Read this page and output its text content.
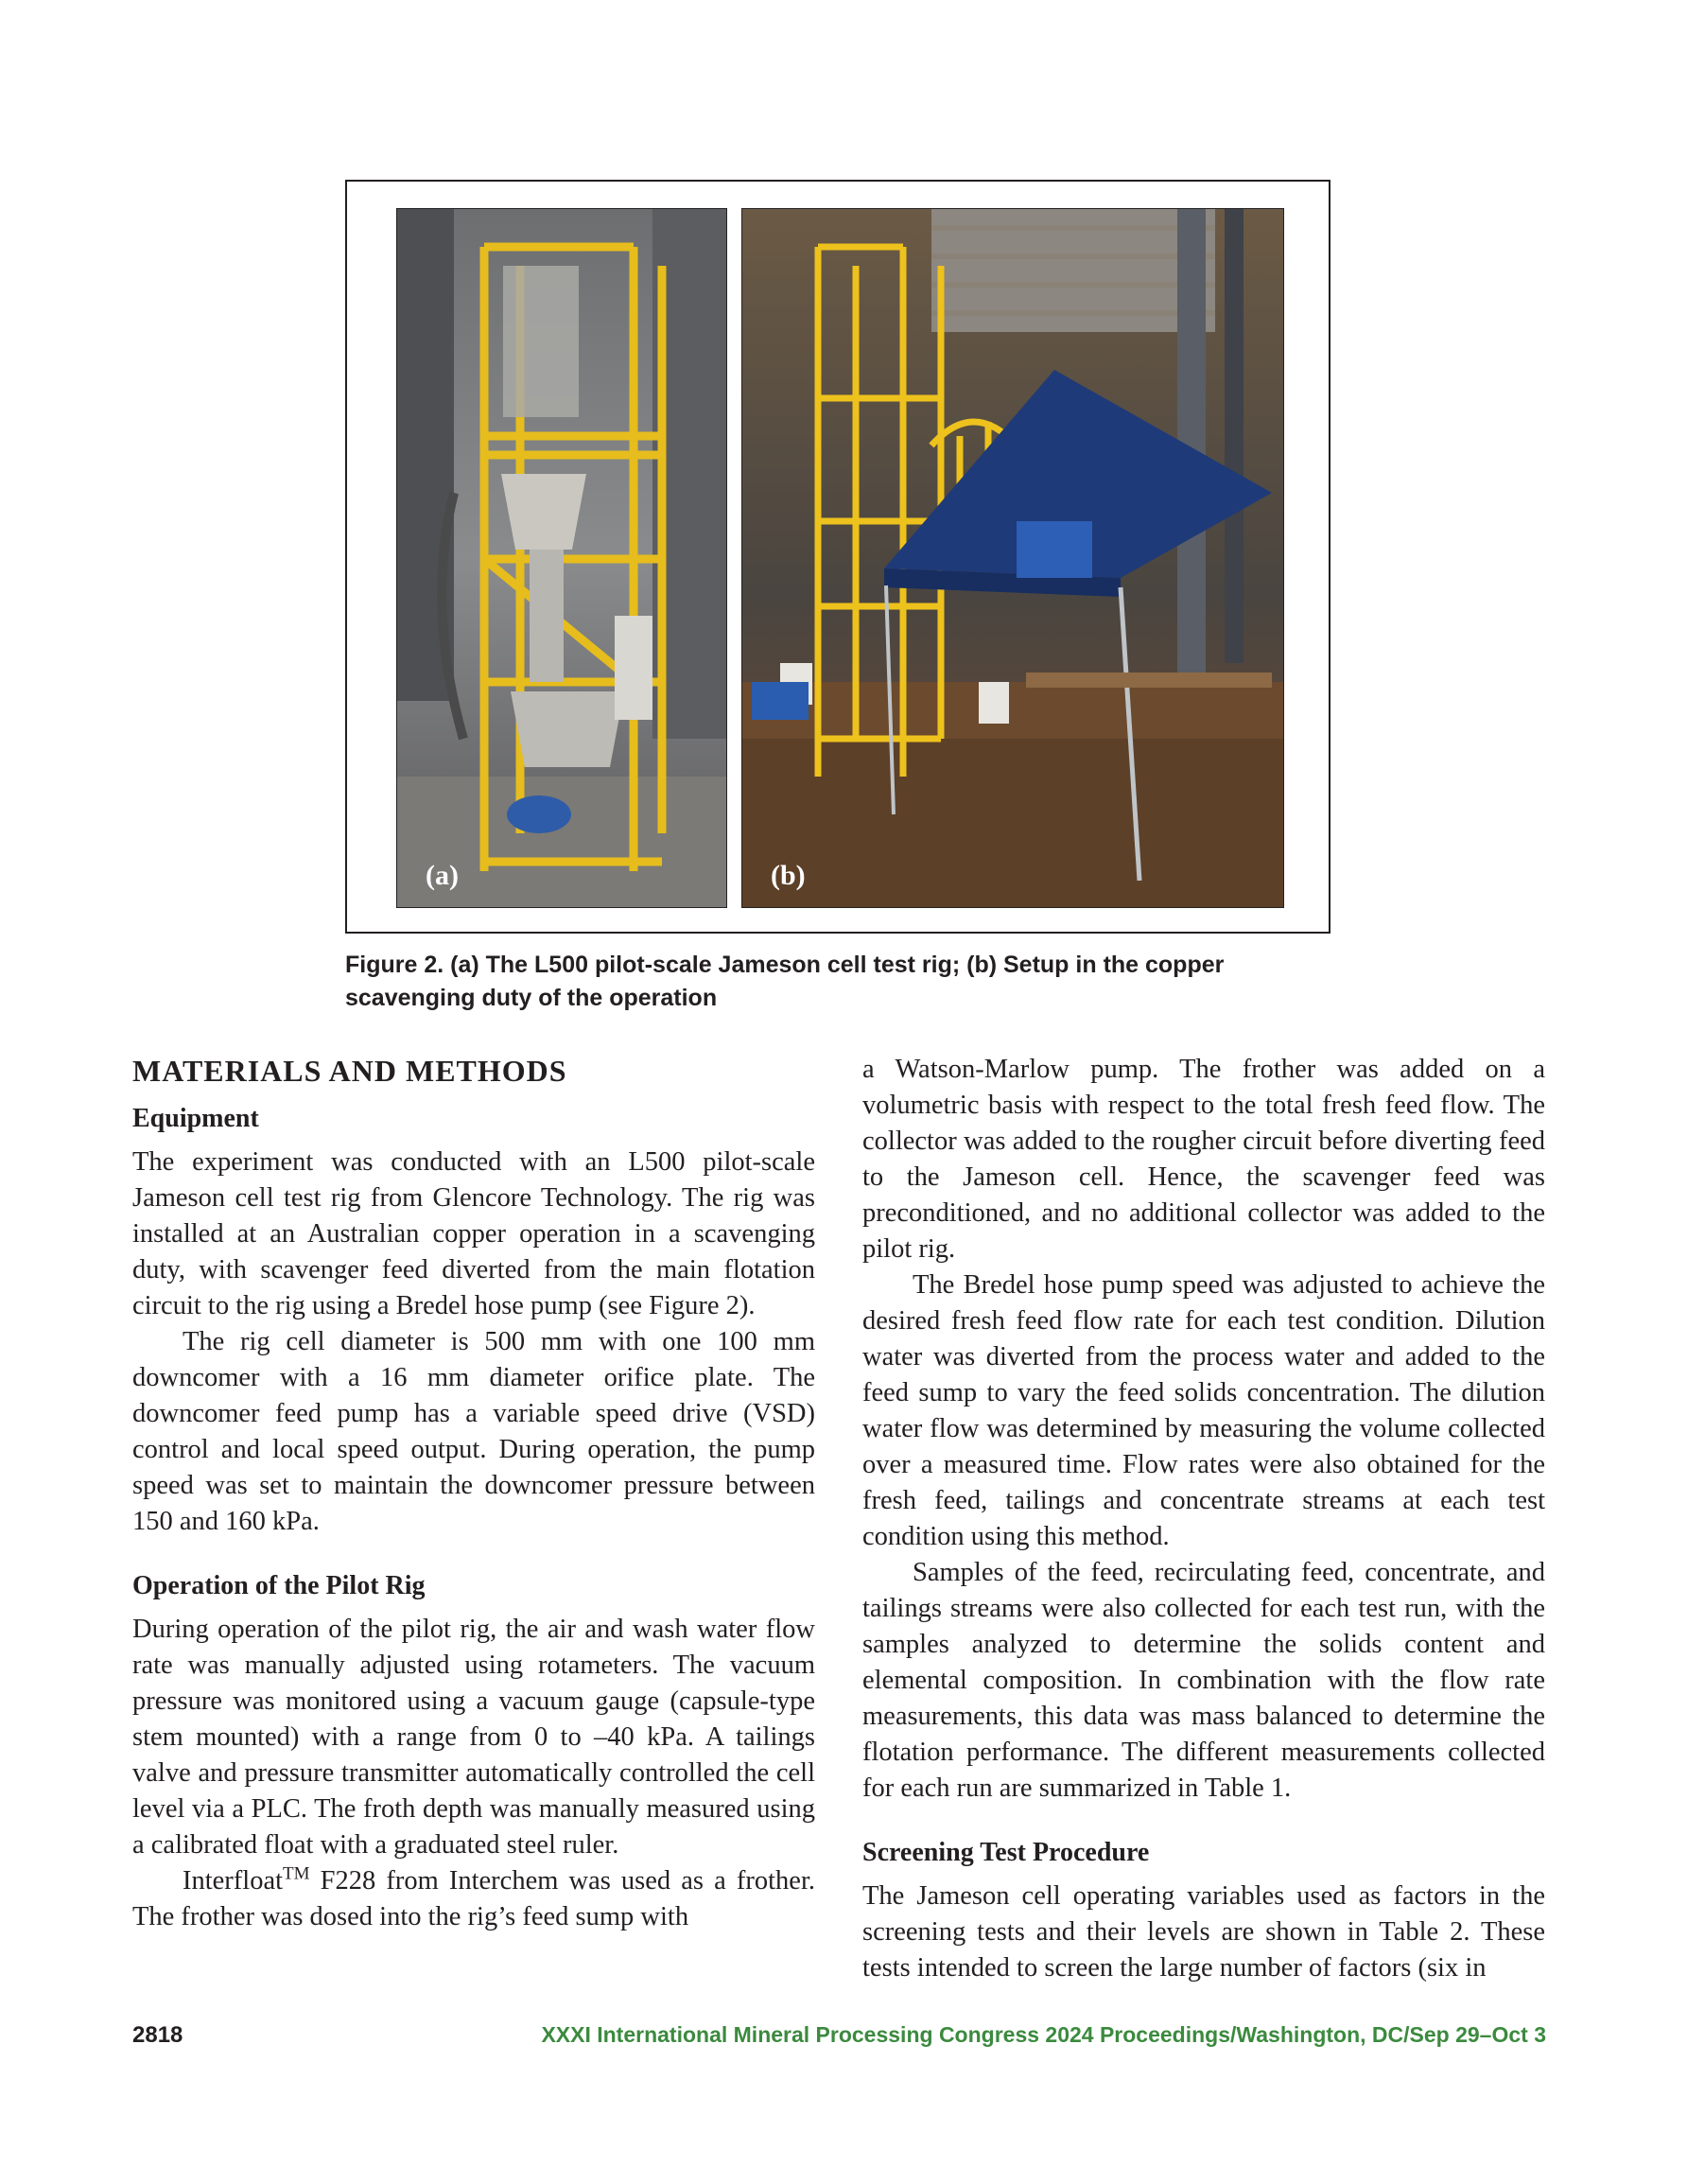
(a)	(b)
Figure 2. (a) The L500 pilot-scale Jameson cell test rig; (b) Setup in the copper
scavenging duty of the operation
MATERIALS AND METHODS
Equipment

The experiment was conducted with an L500 pilot-scale Jameson cell test rig from Glencore Technology. The rig was installed at an Australian copper operation in a scavenging duty, with scavenger feed diverted from the main flotation circuit to the rig using a Bredel hose pump (see Figure 2).

The rig cell diameter is 500 mm with one 100 mm downcomer with a 16 mm diameter orifice plate. The downcomer feed pump has a variable speed drive (VSD) control and local speed output. During operation, the pump speed was set to maintain the downcomer pressure between 150 and 160 kPa.

Operation of the Pilot Rig

During operation of the pilot rig, the air and wash water flow rate was manually adjusted using rotameters. The vacuum pressure was monitored using a vacuum gauge (capsule-type stem mounted) with a range from 0 to –40 kPa. A tailings valve and pressure transmitter automatically controlled the cell level via a PLC. The froth depth was manually measured using a calibrated float with a graduated steel ruler.

Interfloat™ F228 from Interchem was used as a frother. The frother was dosed into the rig’s feed sump with

a Watson-Marlow pump. The frother was added on a volumetric basis with respect to the total fresh feed flow. The collector was added to the rougher circuit before diverting feed to the Jameson cell. Hence, the scavenger feed was preconditioned, and no additional collector was added to the pilot rig.

The Bredel hose pump speed was adjusted to achieve the desired fresh feed flow rate for each test condition. Dilution water was diverted from the process water and added to the feed sump to vary the feed solids concentration. The dilution water flow was determined by measuring the volume collected over a measured time. Flow rates were also obtained for the fresh feed, tailings and concentrate streams at each test condition using this method.

Samples of the feed, recirculating feed, concentrate, and tailings streams were also collected for each test run, with the samples analyzed to determine the solids content and elemental composition. In combination with the flow rate measurements, this data was mass balanced to determine the flotation performance. The different measurements collected for each run are summarized in Table 1.

Screening Test Procedure

The Jameson cell operating variables used as factors in the screening tests and their levels are shown in Table 2. These tests intended to screen the large number of factors (six in

2818	XXXI International Mineral Processing Congress 2024 Proceedings/Washington, DC/Sep 29–Oct 3
